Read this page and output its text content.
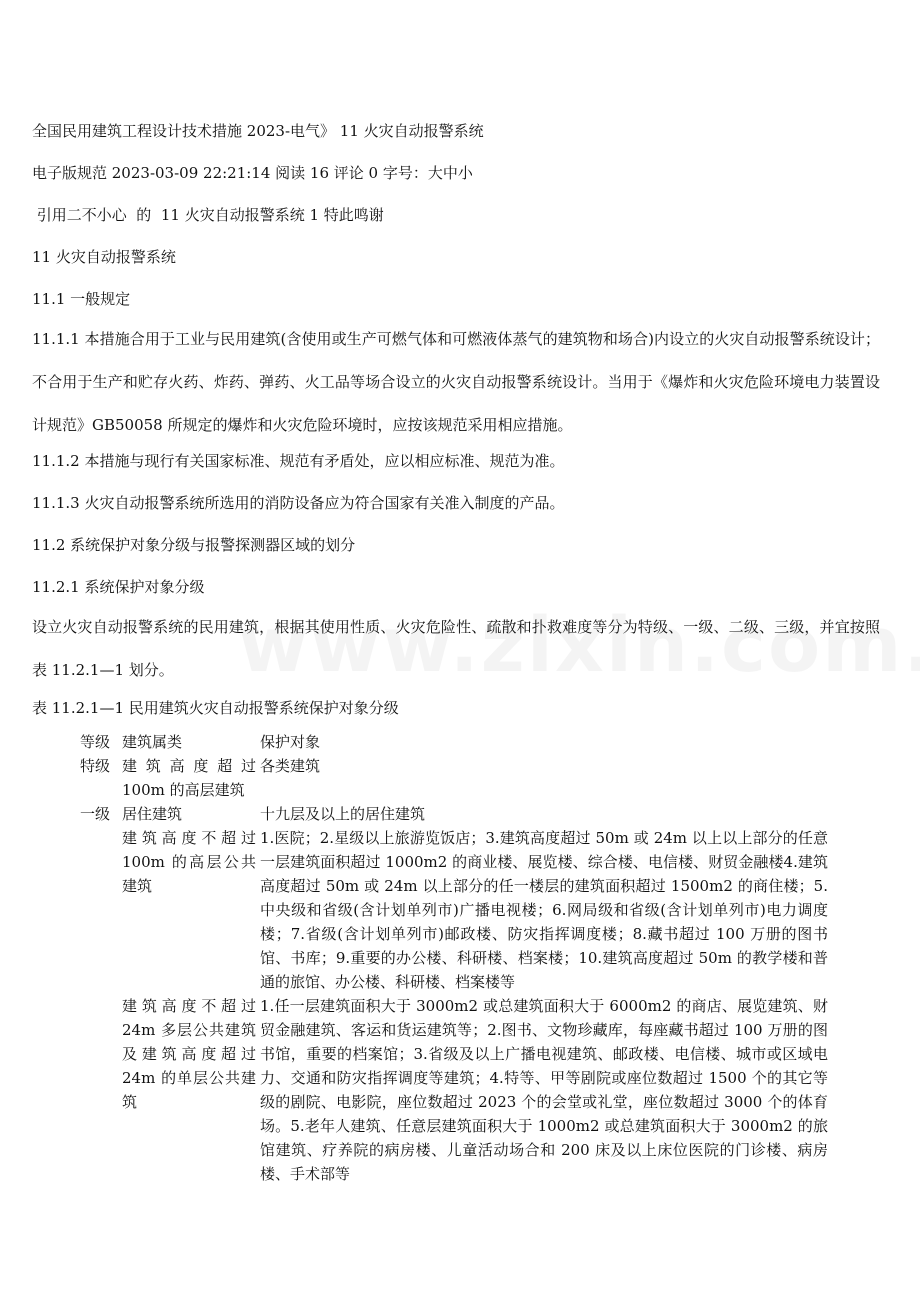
全国民用建筑工程设计技术措施 2023-电气》 11 火灾自动报警系统

电子版规范 2023-03-09 22:21:14 阅读 16 评论 0 字号：大中小

引用二不小心  的  11 火灾自动报警系统 1 特此鸣谢

11 火灾自动报警系统

11.1 一般规定

11.1.1 本措施合用于工业与民用建筑(含使用或生产可燃气体和可燃液体蒸气的建筑物和场合)内设立的火灾自动报警系统设计；不合用于生产和贮存火药、炸药、弹药、火工品等场合设立的火灾自动报警系统设计。当用于《爆炸和火灾危险环境电力装置设计规范》GB50058 所规定的爆炸和火灾危险环境时，应按该规范采用相应措施。

11.1.2 本措施与现行有关国家标准、规范有矛盾处，应以相应标准、规范为准。

11.1.3 火灾自动报警系统所选用的消防设备应为符合国家有关准入制度的产品。

11.2 系统保护对象分级与报警探测器区域的划分

11.2.1 系统保护对象分级

设立火灾自动报警系统的民用建筑，根据其使用性质、火灾危险性、疏散和扑救难度等分为特级、一级、二级、三级，并宜按照表 11.2.1—1 划分。

表 11.2.1—1 民用建筑火灾自动报警系统保护对象分级
等级	建筑属类	保护对象
特级	建筑高度超过 100m 的高层建筑	各类建筑
一级	居住建筑	十九层及以上的居住建筑
	建筑高度不超过 100m 的高层公共建筑	1.医院；2.星级以上旅游览饭店；3.建筑高度超过 50m 或 24m 以上以上部分的任意一层建筑面积超过 1000m2 的商业楼、展览楼、综合楼、电信楼、财贸金融楼4.建筑高度超过 50m 或 24m 以上部分的任一楼层的建筑面积超过 1500m2 的商住楼；5.中央级和省级(含计划单列市)广播电视楼；6.网局级和省级(含计划单列市)电力调度楼；7.省级(含计划单列市)邮政楼、防灾指挥调度楼；8.藏书超过 100 万册的图书馆、书库；9.重要的办公楼、科研楼、档案楼；10.建筑高度超过 50m 的教学楼和普通的旅馆、办公楼、科研楼、档案楼等
	建筑高度不超过 24m 多层公共建筑及建筑高度超过 24m 的单层公共建筑	1.任一层建筑面积大于 3000m2 或总建筑面积大于 6000m2 的商店、展览建筑、财贸金融建筑、客运和货运建筑等；2.图书、文物珍藏库，每座藏书超过 100 万册的图书馆，重要的档案馆；3.省级及以上广播电视建筑、邮政楼、电信楼、城市或区域电力、交通和防灾指挥调度等建筑；4.特等、甲等剧院或座位数超过 1500 个的其它等级的剧院、电影院，座位数超过 2023 个的会堂或礼堂，座位数超过 3000 个的体育场。5.老年人建筑、任意层建筑面积大于 1000m2 或总建筑面积大于 3000m2 的旅馆建筑、疗养院的病房楼、儿童活动场合和 200 床及以上床位医院的门诊楼、病房楼、手术部等
